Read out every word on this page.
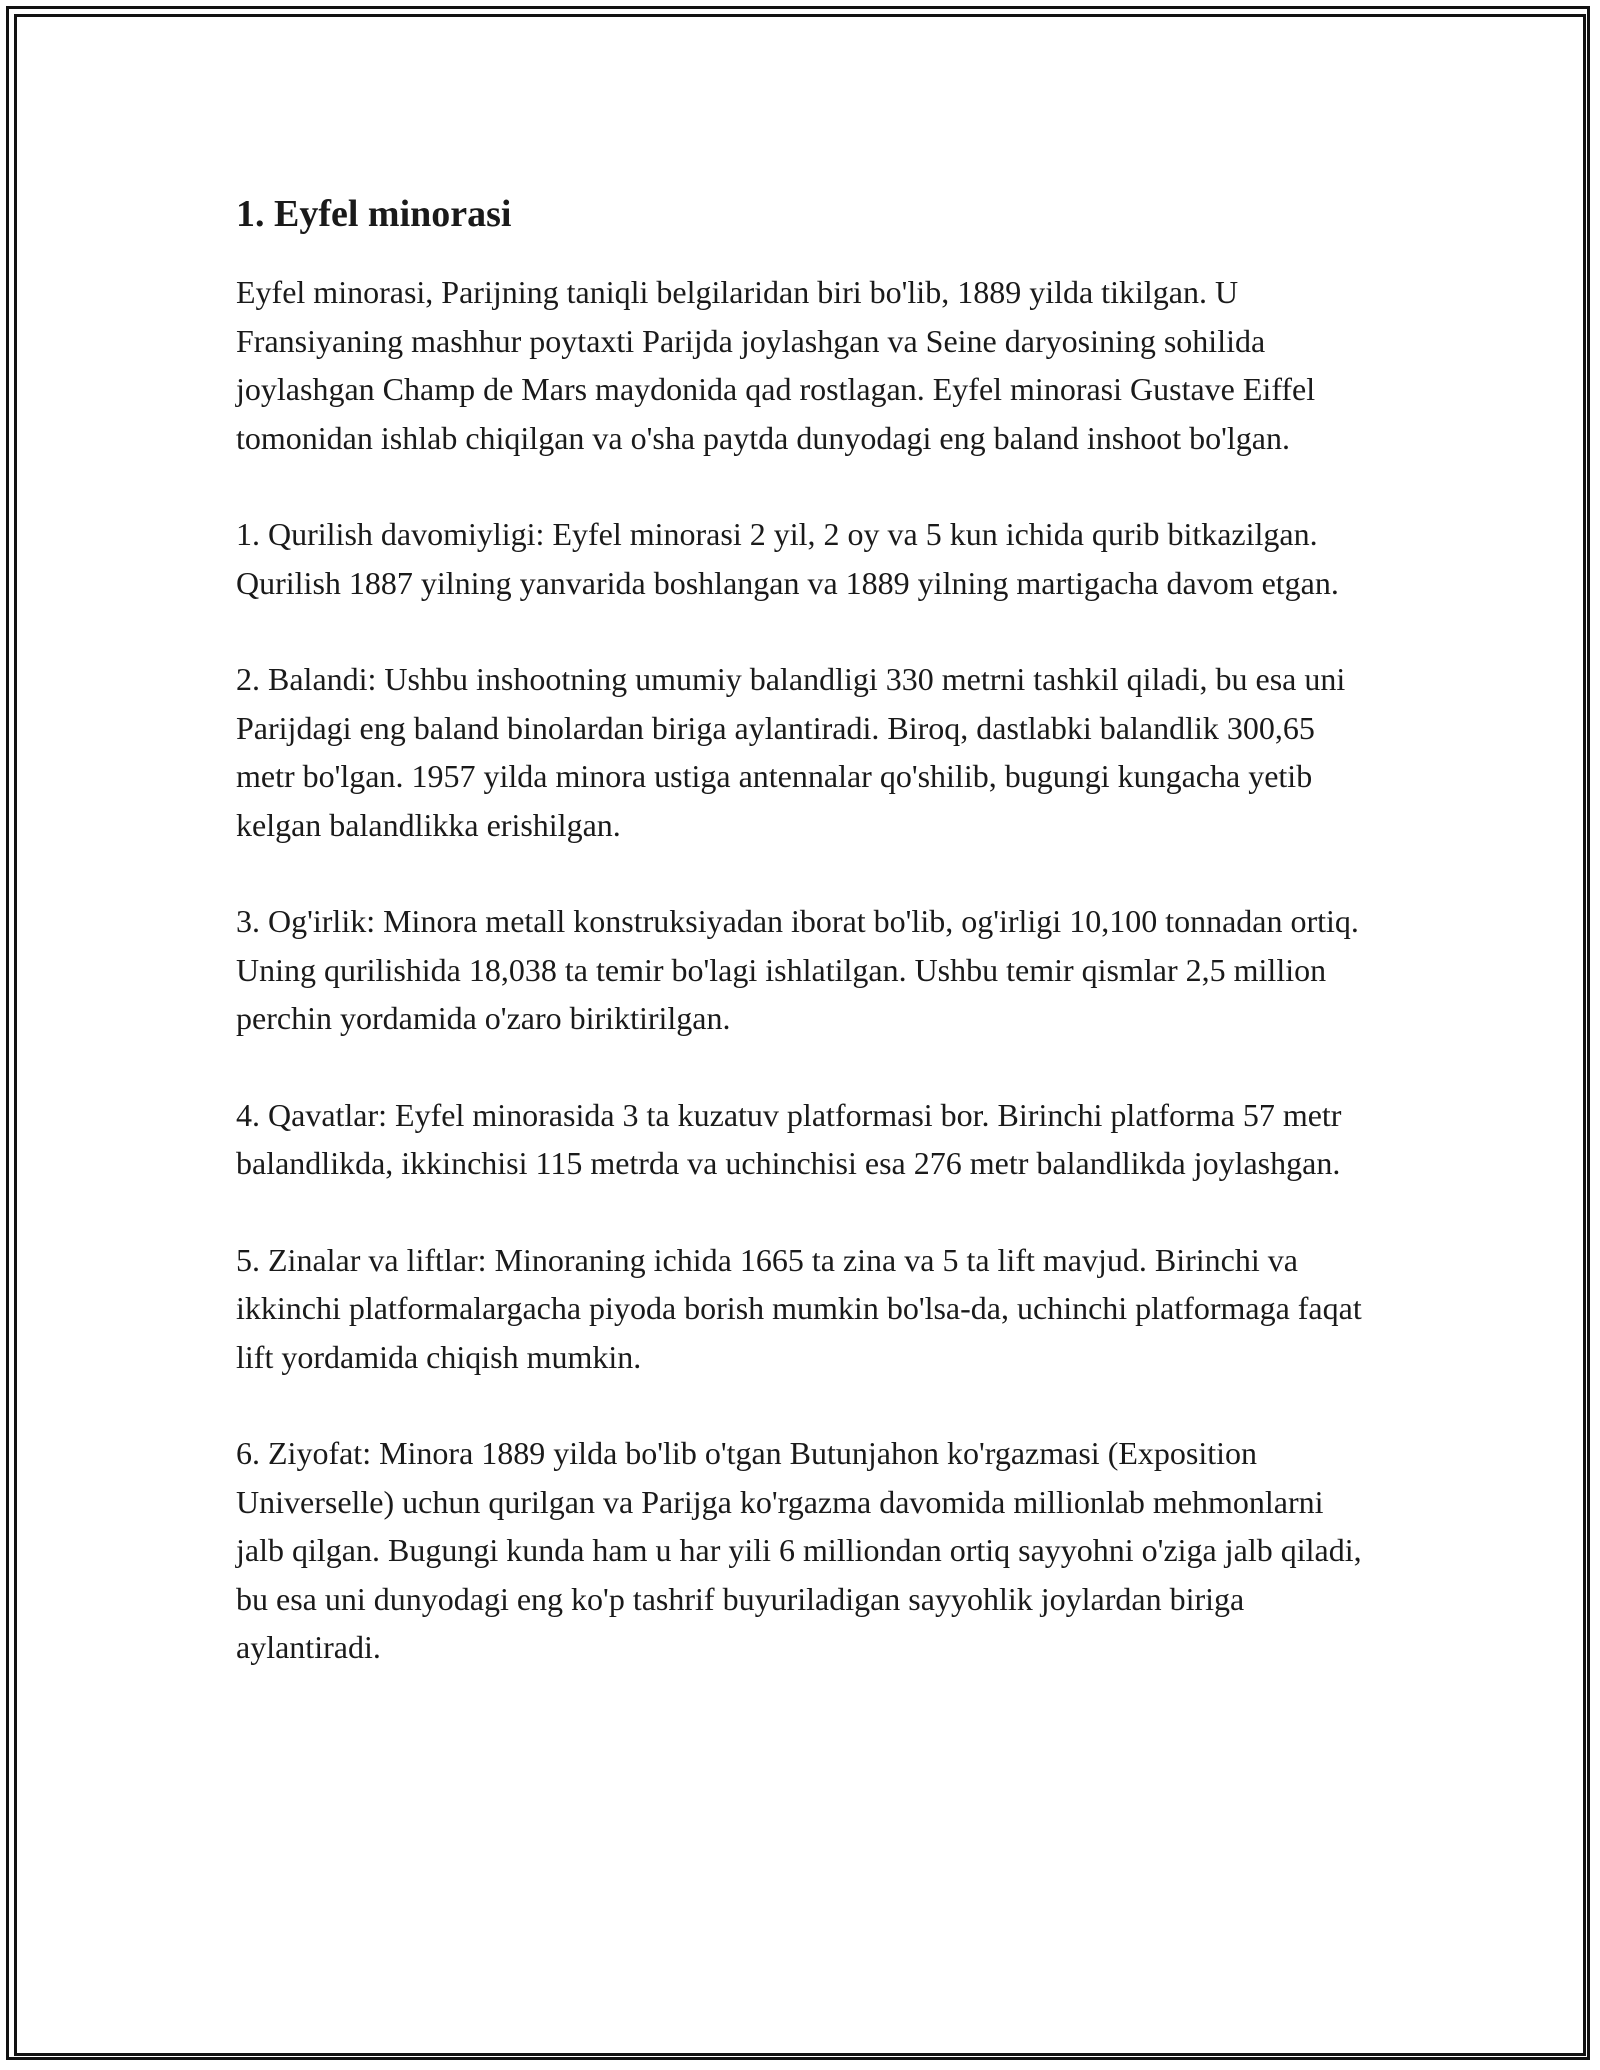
1. Eyfel minorasi

Eyfel minorasi, Parijning taniqli belgilaridan biri bo'lib, 1889 yilda tikilgan. U Fransiyaning mashhur poytaxti Parijda joylashgan va Seine daryosining sohilida joylashgan Champ de Mars maydonida qad rostlagan. Eyfel minorasi Gustave Eiffel tomonidan ishlab chiqilgan va o'sha paytda dunyodagi eng baland inshoot bo'lgan.

1. Qurilish davomiyligi: Eyfel minorasi 2 yil, 2 oy va 5 kun ichida qurib bitkazilgan. Qurilish 1887 yilning yanvarida boshlangan va 1889 yilning martigacha davom etgan.

2. Balandi: Ushbu inshootning umumiy balandligi 330 metrni tashkil qiladi, bu esa uni Parijdagi eng baland binolardan biriga aylantiradi. Biroq, dastlabki balandlik 300,65 metr bo'lgan. 1957 yilda minora ustiga antennalar qo'shilib, bugungi kungacha yetib kelgan balandlikka erishilgan.

3. Og'irlik: Minora metall konstruksiyadan iborat bo'lib, og'irligi 10,100 tonnadan ortiq. Uning qurilishida 18,038 ta temir bo'lagi ishlatilgan. Ushbu temir qismlar 2,5 million perchin yordamida o'zaro biriktirilgan.

4. Qavatlar: Eyfel minorasida 3 ta kuzatuv platformasi bor. Birinchi platforma 57 metr balandlikda, ikkinchisi 115 metrda va uchinchisi esa 276 metr balandlikda joylashgan.

5. Zinalar va liftlar: Minoraning ichida 1665 ta zina va 5 ta lift mavjud. Birinchi va ikkinchi platformalargacha piyoda borish mumkin bo'lsa-da, uchinchi platformaga faqat lift yordamida chiqish mumkin.

6. Ziyofat: Minora 1889 yilda bo'lib o'tgan Butunjahon ko'rgazmasi (Exposition Universelle) uchun qurilgan va Parijga ko'rgazma davomida millionlab mehmonlarni jalb qilgan. Bugungi kunda ham u har yili 6 milliondan ortiq sayyohni o'ziga jalb qiladi, bu esa uni dunyodagi eng ko'p tashrif buyuriladigan sayyohlik joylardan biriga aylantiradi.
